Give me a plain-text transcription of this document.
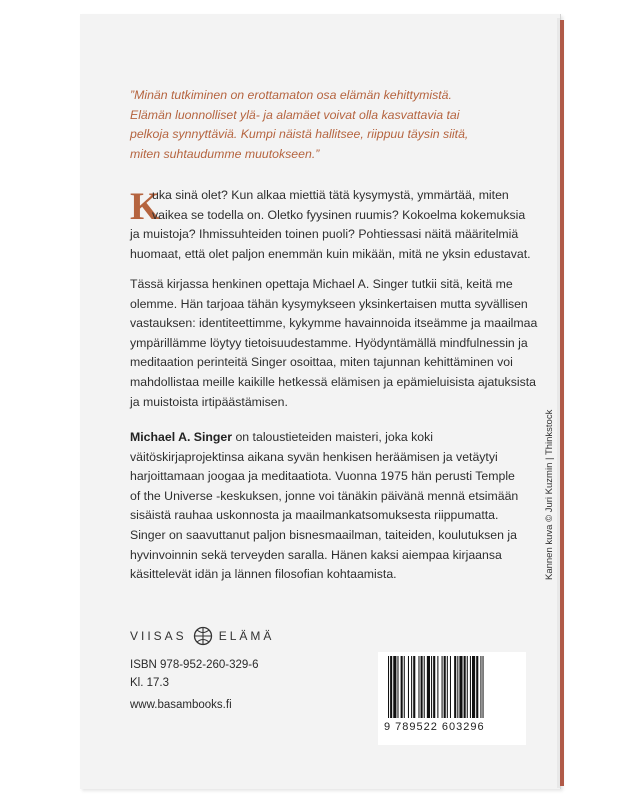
”Minän tutkiminen on erottamaton osa elämän kehittymistä.
Elämän luonnolliset ylä- ja alamäet voivat olla kasvattavia tai
pelkoja synnyttäviä. Kumpi näistä hallitsee, riippuu täysin siitä,
miten suhtaudumme muutokseen.”

K

uka sinä olet? Kun alkaa miettiä tätä kysymystä, ymmärtää, miten
vaikea se todella on. Oletko fyysinen ruumis? Kokoelma kokemuksia
ja muistoja? Ihmissuhteiden toinen puoli? Pohtiessasi näitä määritelmiä
huomaat, että olet paljon enemmän kuin mikään, mitä ne yksin edustavat.

Tässä kirjassa henkinen opettaja Michael A. Singer tutkii sitä, keitä me
olemme. Hän tarjoaa tähän kysymykseen yksinkertaisen mutta syvällisen
vastauksen: identiteettimme, kykymme havainnoida itseämme ja maailmaa
ympärillämme löytyy tietoisuudestamme. Hyödyntämällä mindfulnessin ja
meditaation perinteitä Singer osoittaa, miten tajunnan kehittäminen voi
mahdollistaa meille kaikille hetkessä elämisen ja epämieluisista ajatuksista
ja muistoista irtipäästämisen.

Michael A. Singer on taloustieteiden maisteri, joka koki
väitöskirjaprojektinsa aikana syvän henkisen heräämisen ja vetäytyi
harjoittamaan joogaa ja meditaatiota. Vuonna 1975 hän perusti Temple
of the Universe -keskuksen, jonne voi tänäkin päivänä mennä etsimään
sisäistä rauhaa uskonnosta ja maailmankatsomuksesta riippumatta.
Singer on saavuttanut paljon bisnesmaailman, taiteiden, koulutuksen ja
hyvinvoinnin sekä terveyden saralla. Hänen kaksi aiempaa kirjaansa
käsittelevät idän ja lännen filosofian kohtaamista.

VIISAS	ELÄMÄ
ISBN 978-952-260-329-6
Kl. 17.3
www.basambooks.fi
9 789522 603296
Kannen kuva © Juri Kuzmin | Thinkstock
